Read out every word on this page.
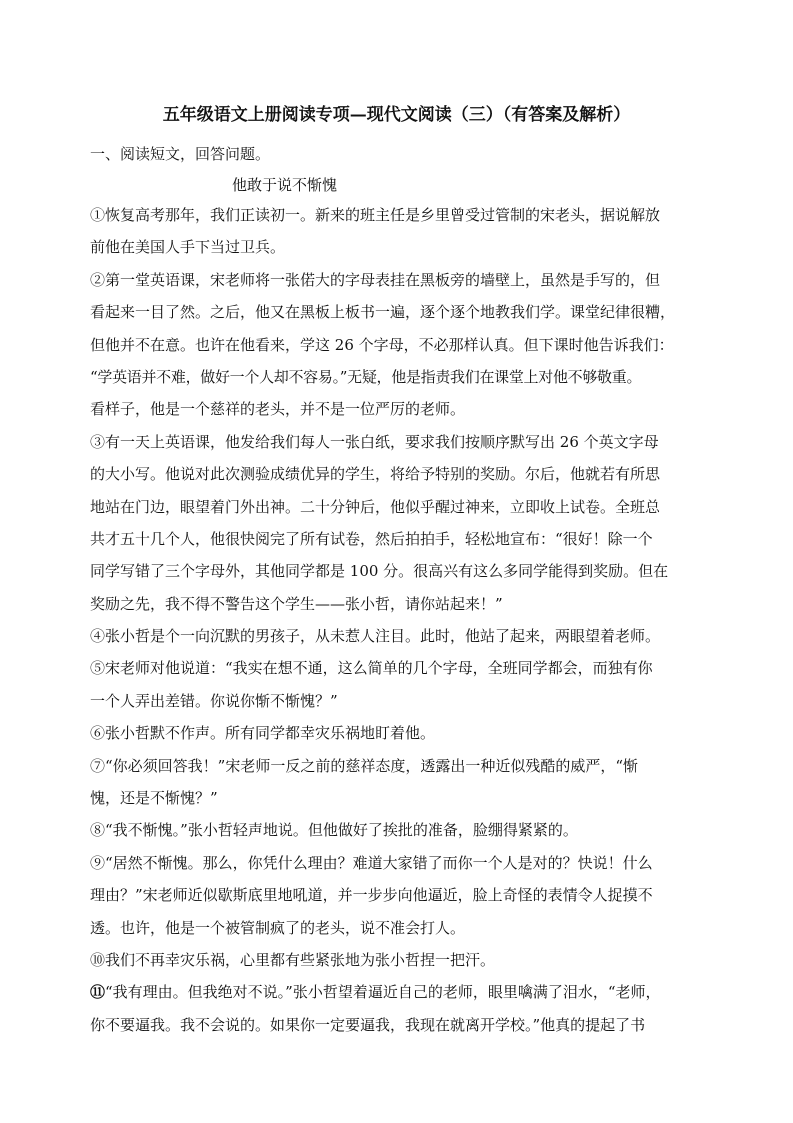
五年级语文上册阅读专项—现代文阅读（三）（有答案及解析）
一、阅读短文，回答问题。
他敢于说不惭愧
①恢复高考那年，我们正读初一。新来的班主任是乡里曾受过管制的宋老头，据说解放
前他在美国人手下当过卫兵。
②第一堂英语课，宋老师将一张偌大的字母表挂在黑板旁的墙壁上，虽然是手写的，但
看起来一目了然。之后，他又在黑板上板书一遍，逐个逐个地教我们学。课堂纪律很糟，
但他并不在意。也许在他看来，学这 26 个字母，不必那样认真。但下课时他告诉我们：
“学英语并不难，做好一个人却不容易。”无疑，他是指责我们在课堂上对他不够敬重。
看样子，他是一个慈祥的老头，并不是一位严厉的老师。
③有一天上英语课，他发给我们每人一张白纸，要求我们按顺序默写出 26 个英文字母
的大小写。他说对此次测验成绩优异的学生，将给予特别的奖励。尔后，他就若有所思
地站在门边，眼望着门外出神。二十分钟后，他似乎醒过神来，立即收上试卷。全班总
共才五十几个人，他很快阅完了所有试卷，然后拍拍手，轻松地宣布：“很好！除一个
同学写错了三个字母外，其他同学都是 100 分。很高兴有这么多同学能得到奖励。但在
奖励之先，我不得不警告这个学生——张小哲，请你站起来！”
④张小哲是个一向沉默的男孩子，从未惹人注目。此时，他站了起来，两眼望着老师。
⑤宋老师对他说道：“我实在想不通，这么简单的几个字母，全班同学都会，而独有你
一个人弄出差错。你说你惭不惭愧？”
⑥张小哲默不作声。所有同学都幸灾乐祸地盯着他。
⑦“你必须回答我！”宋老师一反之前的慈祥态度，透露出一种近似残酷的威严，“惭
愧，还是不惭愧？”
⑧“我不惭愧。”张小哲轻声地说。但他做好了挨批的准备，脸绷得紧紧的。
⑨“居然不惭愧。那么，你凭什么理由？难道大家错了而你一个人是对的？快说！什么
理由？”宋老师近似歇斯底里地吼道，并一步步向他逼近，脸上奇怪的表情令人捉摸不
透。也许，他是一个被管制疯了的老头，说不准会打人。
⑩我们不再幸灾乐祸，心里都有些紧张地为张小哲捏一把汗。
⑪“我有理由。但我绝对不说。”张小哲望着逼近自己的老师，眼里噙满了泪水，“老师，
你不要逼我。我不会说的。如果你一定要逼我，我现在就离开学校。”他真的提起了书
